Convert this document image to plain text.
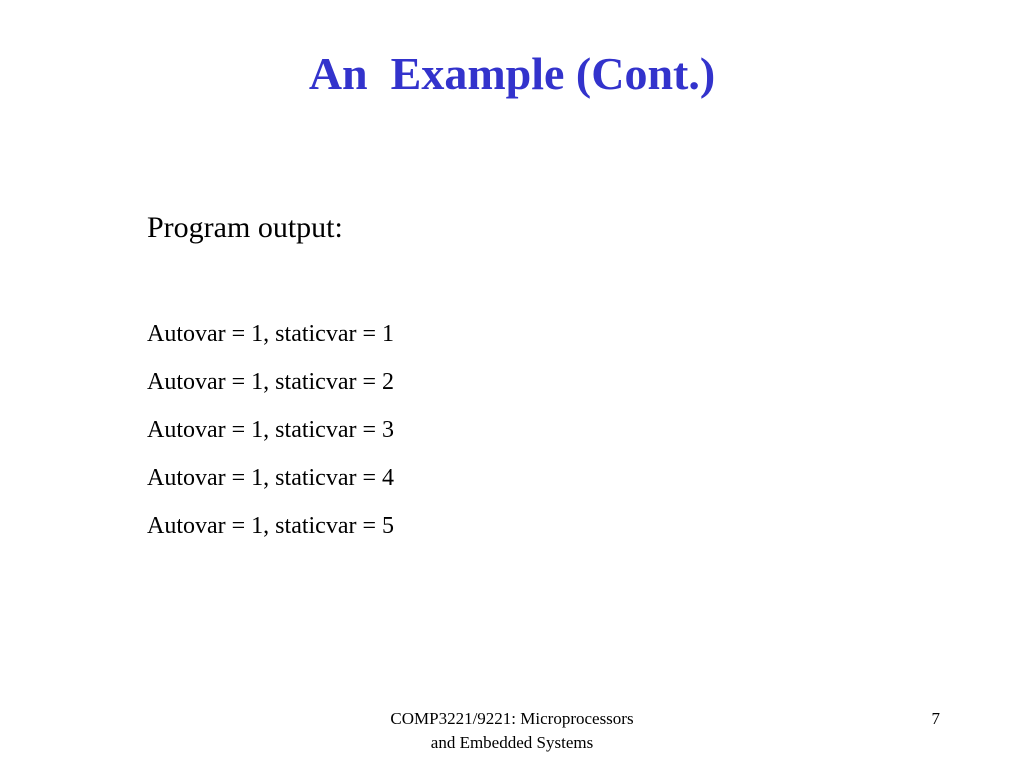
An  Example (Cont.)

Program output:

Autovar = 1, staticvar = 1
Autovar = 1, staticvar = 2
Autovar = 1, staticvar = 3
Autovar = 1, staticvar = 4
Autovar = 1, staticvar = 5
COMP3221/9221: Microprocessors
and Embedded Systems
7
